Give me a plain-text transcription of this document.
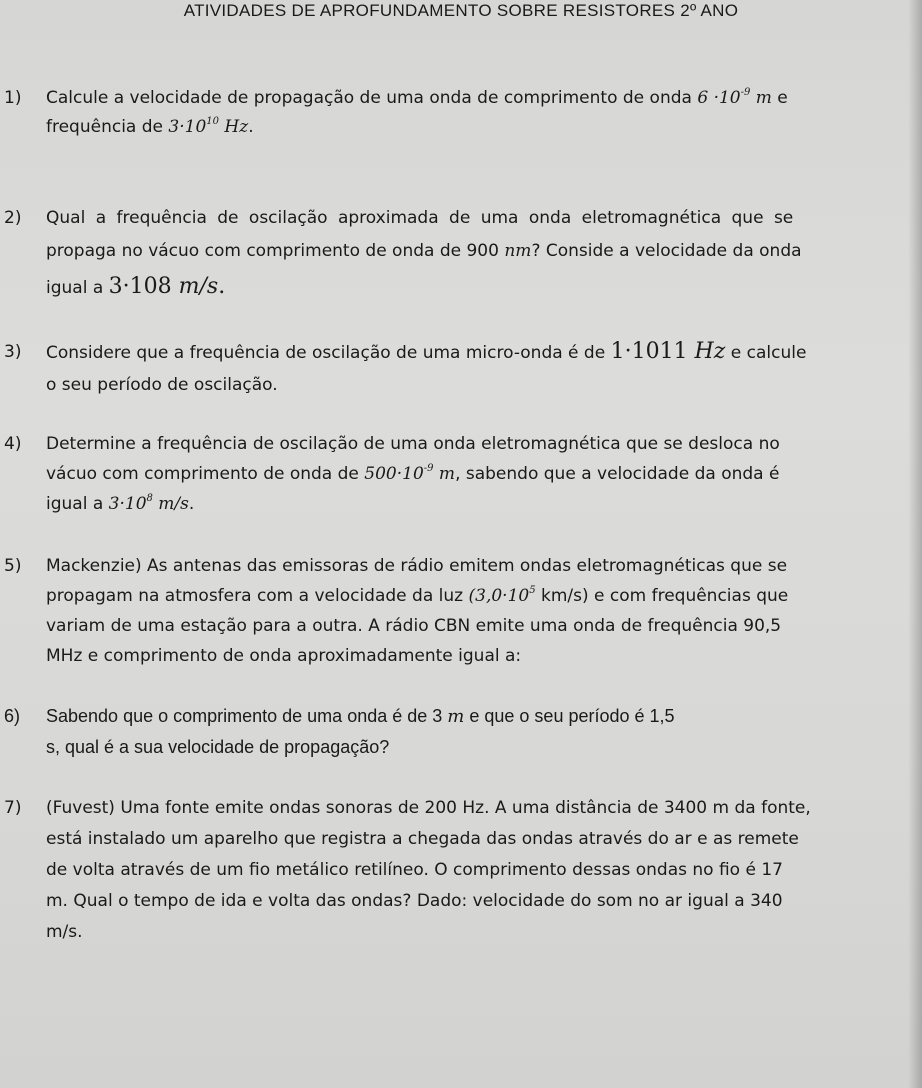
ATIVIDADES DE APROFUNDAMENTO SOBRE RESISTORES 2º ANO
1) Calcule a velocidade de propagação de uma onda de comprimento de onda $6 \cdot 10^{-9}$ m e
frequência de $3\cdot 10^{10}$ Hz.
2) Qual a frequência de oscilação aproximada de uma onda eletromagnética que se
propaga no vácuo com comprimento de onda de 900 nm? Conside a velocidade da onda
igual a 3·108 m/s.
3) Considere que a frequência de oscilação de uma micro-onda é de 1·1011 Hz e calcule
o seu período de oscilação.
4) Determine a frequência de oscilação de uma onda eletromagnética que se desloca no
vácuo com comprimento de onda de $500\cdot 10^{-9}$ m, sabendo que a velocidade da onda é
igual a $3\cdot 10^8$ m/s.
5) Mackenzie) As antenas das emissoras de rádio emitem ondas eletromagnéticas que se
propagam na atmosfera com a velocidade da luz ($3,0\cdot 10^5$ km/s) e com frequências que
variam de uma estação para a outra. A rádio CBN emite uma onda de frequência 90,5
MHz e comprimento de onda aproximadamente igual a:
6) Sabendo que o comprimento de uma onda é de 3 m e que o seu período é 1,5
s, qual é a sua velocidade de propagação?
7) (Fuvest) Uma fonte emite ondas sonoras de 200 Hz. A uma distância de 3400 m da fonte,
está instalado um aparelho que registra a chegada das ondas através do ar e as remete
de volta através de um fio metálico retilíneo. O comprimento dessas ondas no fio é 17
m. Qual o tempo de ida e volta das ondas? Dado: velocidade do som no ar igual a 340
m/s.
